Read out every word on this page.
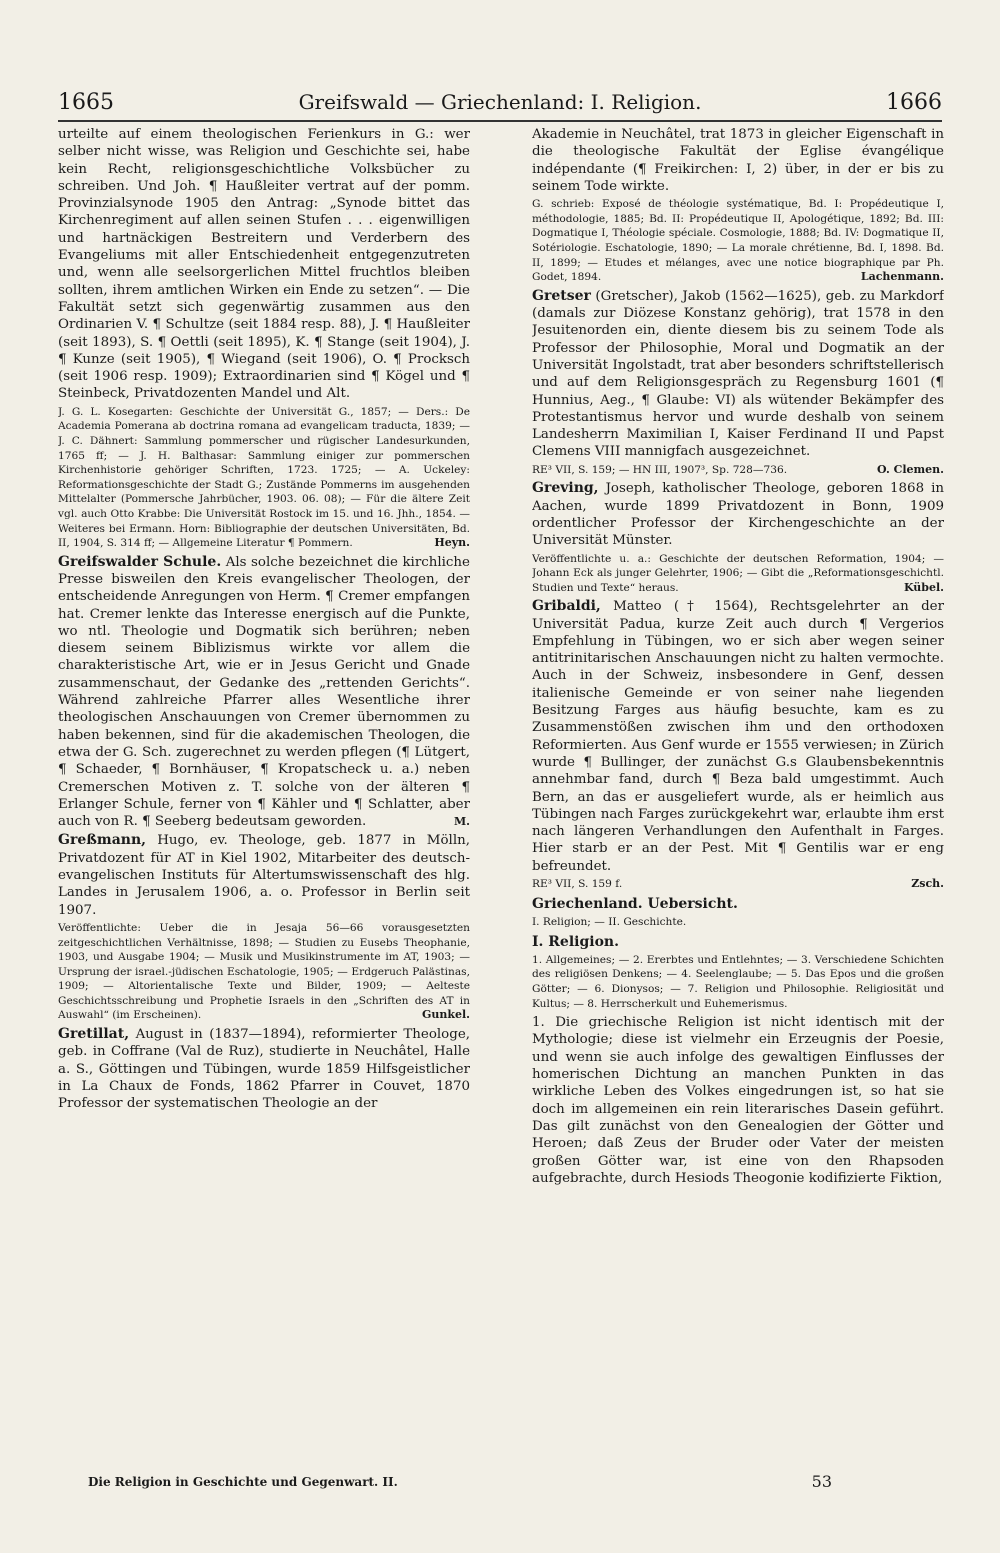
1665	Greifswald — Griechenland: I. Religion.	1666

urteilte auf einem theologischen Ferienkurs in G.: wer selber nicht wisse, was Religion und Geschichte sei, habe kein Recht, religionsgeschichtliche Volksbücher zu schreiben. Und Joh. ¶ Haußleiter vertrat auf der pomm. Provinzialsynode 1905 den Antrag: „Synode bittet das Kirchenregiment auf allen seinen Stufen . . . eigenwilligen und hartnäckigen Bestreitern und Verderbern des Evangeliums mit aller Entschiedenheit entgegenzutreten und, wenn alle seelsorgerlichen Mittel fruchtlos bleiben sollten, ihrem amtlichen Wirken ein Ende zu setzen“. — Die Fakultät setzt sich gegenwärtig zusammen aus den Ordinarien V. ¶ Schultze (seit 1884 resp. 88), J. ¶ Haußleiter (seit 1893), S. ¶ Oettli (seit 1895), K. ¶ Stange (seit 1904), J. ¶ Kunze (seit 1905), ¶ Wiegand (seit 1906), O. ¶ Procksch (seit 1906 resp. 1909); Extraordinarien sind ¶ Kögel und ¶ Steinbeck, Privatdozenten Mandel und Alt.

J. G. L. Kosegarten: Geschichte der Universität G., 1857; — Ders.: De Academia Pomerana ab doctrina romana ad evangelicam traducta, 1839; — J. C. Dähnert: Sammlung pommerscher und rügischer Landesurkunden, 1765 ff; — J. H. Balthasar: Sammlung einiger zur pommerschen Kirchenhistorie gehöriger Schriften, 1723. 1725; — A. Uckeley: Reformationsgeschichte der Stadt G.; Zustände Pommerns im ausgehenden Mittelalter (Pommersche Jahrbücher, 1903. 06. 08); — Für die ältere Zeit vgl. auch Otto Krabbe: Die Universität Rostock im 15. und 16. Jhh., 1854. — Weiteres bei Ermann. Horn: Bibliographie der deutschen Universitäten, Bd. II, 1904, S. 314 ff; — Allgemeine Literatur ¶ Pommern.	Heyn.

Greifswalder Schule. Als solche bezeichnet die kirchliche Presse bisweilen den Kreis evangelischer Theologen, der entscheidende Anregungen von Herm. ¶ Cremer empfangen hat. Cremer lenkte das Interesse energisch auf die Punkte, wo ntl. Theologie und Dogmatik sich berühren; neben diesem seinem Biblizismus wirkte vor allem die charakteristische Art, wie er in Jesus Gericht und Gnade zusammenschaut, der Gedanke des „rettenden Gerichts“. Während zahlreiche Pfarrer alles Wesentliche ihrer theologischen Anschauungen von Cremer übernommen zu haben bekennen, sind für die akademischen Theologen, die etwa der G. Sch. zugerechnet zu werden pflegen (¶ Lütgert, ¶ Schaeder, ¶ Bornhäuser, ¶ Kropatscheck u. a.) neben Cremerschen Motiven z. T. solche von der älteren ¶ Erlanger Schule, ferner von ¶ Kähler und ¶ Schlatter, aber auch von R. ¶ Seeberg bedeutsam geworden.	M.

Greßmann, Hugo, ev. Theologe, geb. 1877 in Mölln, Privatdozent für AT in Kiel 1902, Mitarbeiter des deutsch-evangelischen Instituts für Altertumswissenschaft des hlg. Landes in Jerusalem 1906, a. o. Professor in Berlin seit 1907.

Veröffentlichte: Ueber die in Jesaja 56—66 vorausgesetzten zeitgeschichtlichen Verhältnisse, 1898; — Studien zu Eusebs Theophanie, 1903, und Ausgabe 1904; — Musik und Musikinstrumente im AT, 1903; — Ursprung der israel.-jüdischen Eschatologie, 1905; — Erdgeruch Palästinas, 1909; — Altorientalische Texte und Bilder, 1909; — Aelteste Geschichtsschreibung und Prophetie Israels in den „Schriften des AT in Auswahl“ (im Erscheinen).	Gunkel.

Gretillat, August in (1837—1894), reformierter Theologe, geb. in Coffrane (Val de Ruz), studierte in Neuchâtel, Halle a. S., Göttingen und Tübingen, wurde 1859 Hilfsgeistlicher in La Chaux de Fonds, 1862 Pfarrer in Couvet, 1870 Professor der systematischen Theologie an der

Akademie in Neuchâtel, trat 1873 in gleicher Eigenschaft in die theologische Fakultät der Eglise évangélique indépendante (¶ Freikirchen: I, 2) über, in der er bis zu seinem Tode wirkte.

G. schrieb: Exposé de théologie systématique, Bd. I: Propédeutique I, méthodologie, 1885; Bd. II: Propédeutique II, Apologétique, 1892; Bd. III: Dogmatique I, Théologie spéciale. Cosmologie, 1888; Bd. IV: Dogmatique II, Sotériologie. Eschatologie, 1890; — La morale chrétienne, Bd. I, 1898. Bd. II, 1899; — Etudes et mélanges, avec une notice biographique par Ph. Godet, 1894.	Lachenmann.

Gretser (Gretscher), Jakob (1562—1625), geb. zu Markdorf (damals zur Diözese Konstanz gehörig), trat 1578 in den Jesuitenorden ein, diente diesem bis zu seinem Tode als Professor der Philosophie, Moral und Dogmatik an der Universität Ingolstadt, trat aber besonders schriftstellerisch und auf dem Religionsgespräch zu Regensburg 1601 (¶ Hunnius, Aeg., ¶ Glaube: VI) als wütender Bekämpfer des Protestantismus hervor und wurde deshalb von seinem Landesherrn Maximilian I, Kaiser Ferdinand II und Papst Clemens VIII mannigfach ausgezeichnet.

RE³ VII, S. 159; — HN III, 1907³, Sp. 728—736.	O. Clemen.

Greving, Joseph, katholischer Theologe, geboren 1868 in Aachen, wurde 1899 Privatdozent in Bonn, 1909 ordentlicher Professor der Kirchengeschichte an der Universität Münster.

Veröffentlichte u. a.: Geschichte der deutschen Reformation, 1904; — Johann Eck als junger Gelehrter, 1906; — Gibt die „Reformationsgeschichtl. Studien und Texte“ heraus.	Kübel.

Gribaldi, Matteo († 1564), Rechtsgelehrter an der Universität Padua, kurze Zeit auch durch ¶ Vergerios Empfehlung in Tübingen, wo er sich aber wegen seiner antitrinitarischen Anschauungen nicht zu halten vermochte. Auch in der Schweiz, insbesondere in Genf, dessen italienische Gemeinde er von seiner nahe liegenden Besitzung Farges aus häufig besuchte, kam es zu Zusammenstößen zwischen ihm und den orthodoxen Reformierten. Aus Genf wurde er 1555 verwiesen; in Zürich wurde ¶ Bullinger, der zunächst G.s Glaubensbekenntnis annehmbar fand, durch ¶ Beza bald umgestimmt. Auch Bern, an das er ausgeliefert wurde, als er heimlich aus Tübingen nach Farges zurückgekehrt war, erlaubte ihm erst nach längeren Verhandlungen den Aufenthalt in Farges. Hier starb er an der Pest. Mit ¶ Gentilis war er eng befreundet.

RE³ VII, S. 159 f.	Zsch.

Griechenland. Uebersicht.

I. Religion; — II. Geschichte.

I. Religion.

1. Allgemeines; — 2. Ererbtes und Entlehntes; — 3. Verschiedene Schichten des religiösen Denkens; — 4. Seelenglaube; — 5. Das Epos und die großen Götter; — 6. Dionysos; — 7. Religion und Philosophie. Religiosität und Kultus; — 8. Herrscherkult und Euhemerismus.

1. Die griechische Religion ist nicht identisch mit der Mythologie; diese ist vielmehr ein Erzeugnis der Poesie, und wenn sie auch infolge des gewaltigen Einflusses der homerischen Dichtung an manchen Punkten in das wirkliche Leben des Volkes eingedrungen ist, so hat sie doch im allgemeinen ein rein literarisches Dasein geführt. Das gilt zunächst von den Genealogien der Götter und Heroen; daß Zeus der Bruder oder Vater der meisten großen Götter war, ist eine von den Rhapsoden aufgebrachte, durch Hesiods Theogonie kodifizierte Fiktion,

Die Religion in Geschichte und Gegenwart. II.	53
